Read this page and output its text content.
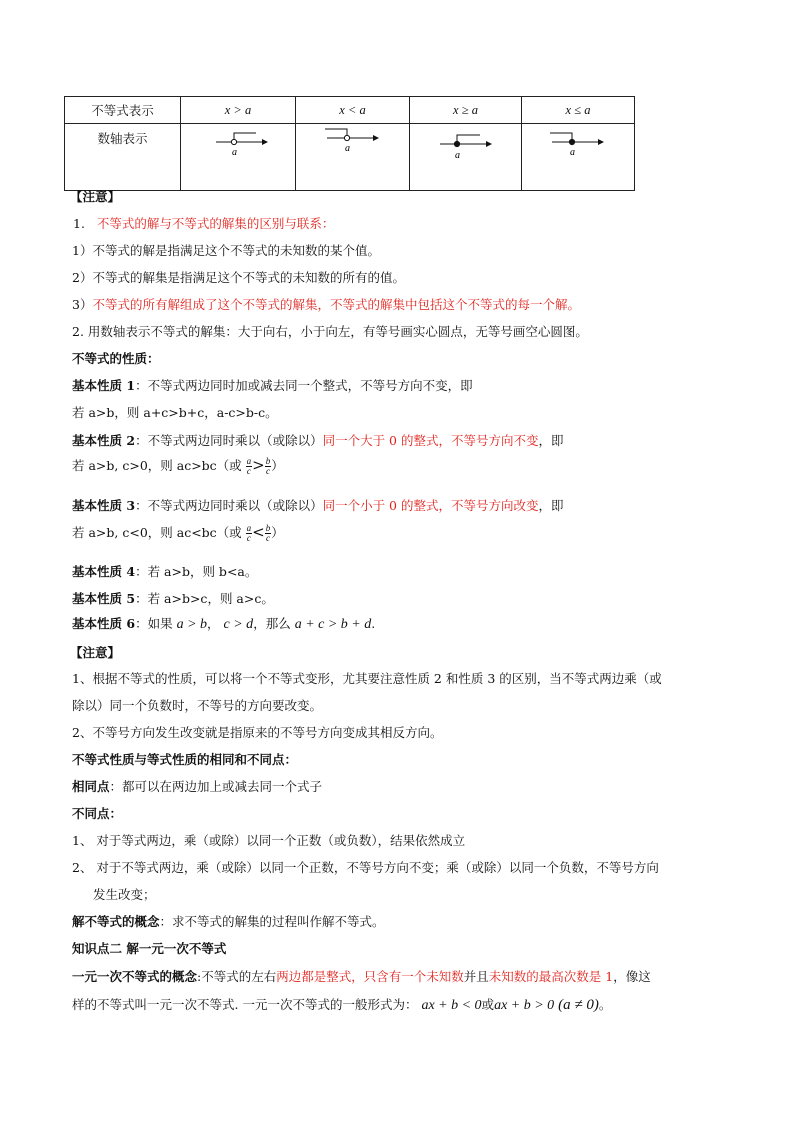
不等式表示	x > a	x < a	x ≥ a	x ≤ a
数轴表示	a	a	a	a
【注意】
1. 不等式的解与不等式的解集的区别与联系：
1）不等式的解是指满足这个不等式的未知数的某个值。
2）不等式的解集是指满足这个不等式的未知数的所有的值。
3）不等式的所有解组成了这个不等式的解集，不等式的解集中包括这个不等式的每一个解。
2. 用数轴表示不等式的解集：大于向右，小于向左，有等号画实心圆点，无等号画空心圆图。
不等式的性质：
基本性质 1：不等式两边同时加或减去同一个整式，不等号方向不变，即
若 a>b，则 a+c>b+c，a-c>b-c。
基本性质 2：不等式两边同时乘以（或除以）同一个大于 0 的整式，不等号方向不变，即
若 a>b, c>0，则 ac>bc（或 $\frac{a}{c} > \frac{b}{c}$ ）
基本性质 3：不等式两边同时乘以（或除以）同一个小于 0 的整式，不等号方向改变，即
若 a>b, c<0，则 ac<bc（或 $\frac{a}{c} < \frac{b}{c}$ ）
基本性质 4：若 a>b，则 b<a。
基本性质 5：若 a>b>c，则 a>c。
基本性质 6：如果 a > b， c > d，那么 a + c > b + d.
【注意】
1、根据不等式的性质，可以将一个不等式变形，尤其要注意性质 2 和性质 3 的区别，当不等式两边乘（或
除以）同一个负数时，不等号的方向要改变。
2、不等号方向发生改变就是指原来的不等号方向变成其相反方向。
不等式性质与等式性质的相同和不同点：
相同点：都可以在两边加上或减去同一个式子
不同点：
1、 对于等式两边，乘（或除）以同一个正数（或负数），结果依然成立
2、 对于不等式两边，乘（或除）以同一个正数，不等号方向不变；乘（或除）以同一个负数，不等号方向
发生改变；
解不等式的概念：求不等式的解集的过程叫作解不等式。
知识点二 解一元一次不等式
一元一次不等式的概念:不等式的左右两边都是整式，只含有一个未知数并且未知数的最高次数是 1，像这
样的不等式叫一元一次不等式. 一元一次不等式的一般形式为： ax + b < 0或ax + b > 0 (a ≠ 0)。
